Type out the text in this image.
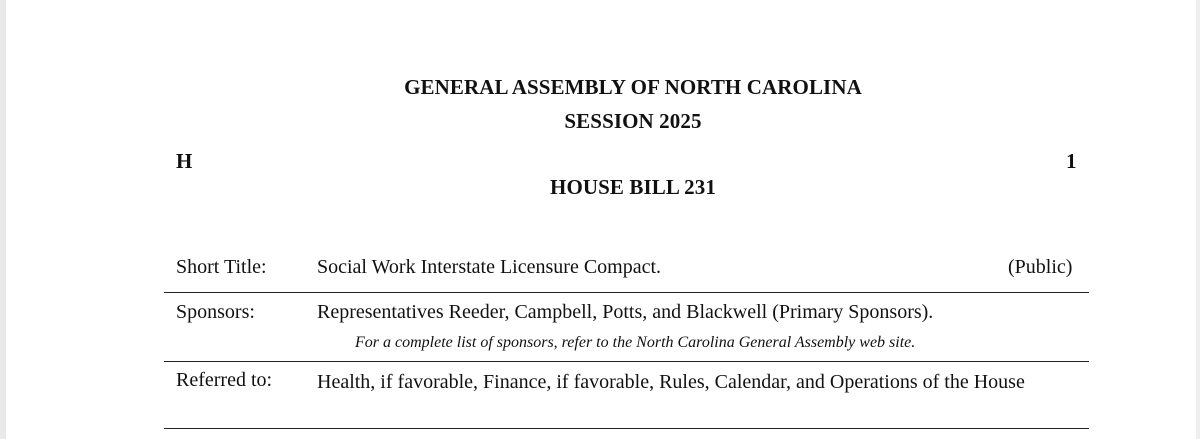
GENERAL ASSEMBLY OF NORTH CAROLINA
SESSION 2025
H	1
HOUSE BILL 231
Short Title:	Social Work Interstate Licensure Compact.	(Public)
Sponsors:	Representatives Reeder, Campbell, Potts, and Blackwell (Primary Sponsors).
For a complete list of sponsors, refer to the North Carolina General Assembly web site.
Referred to: Health, if favorable, Finance, if favorable, Rules, Calendar, and Operations of the House
